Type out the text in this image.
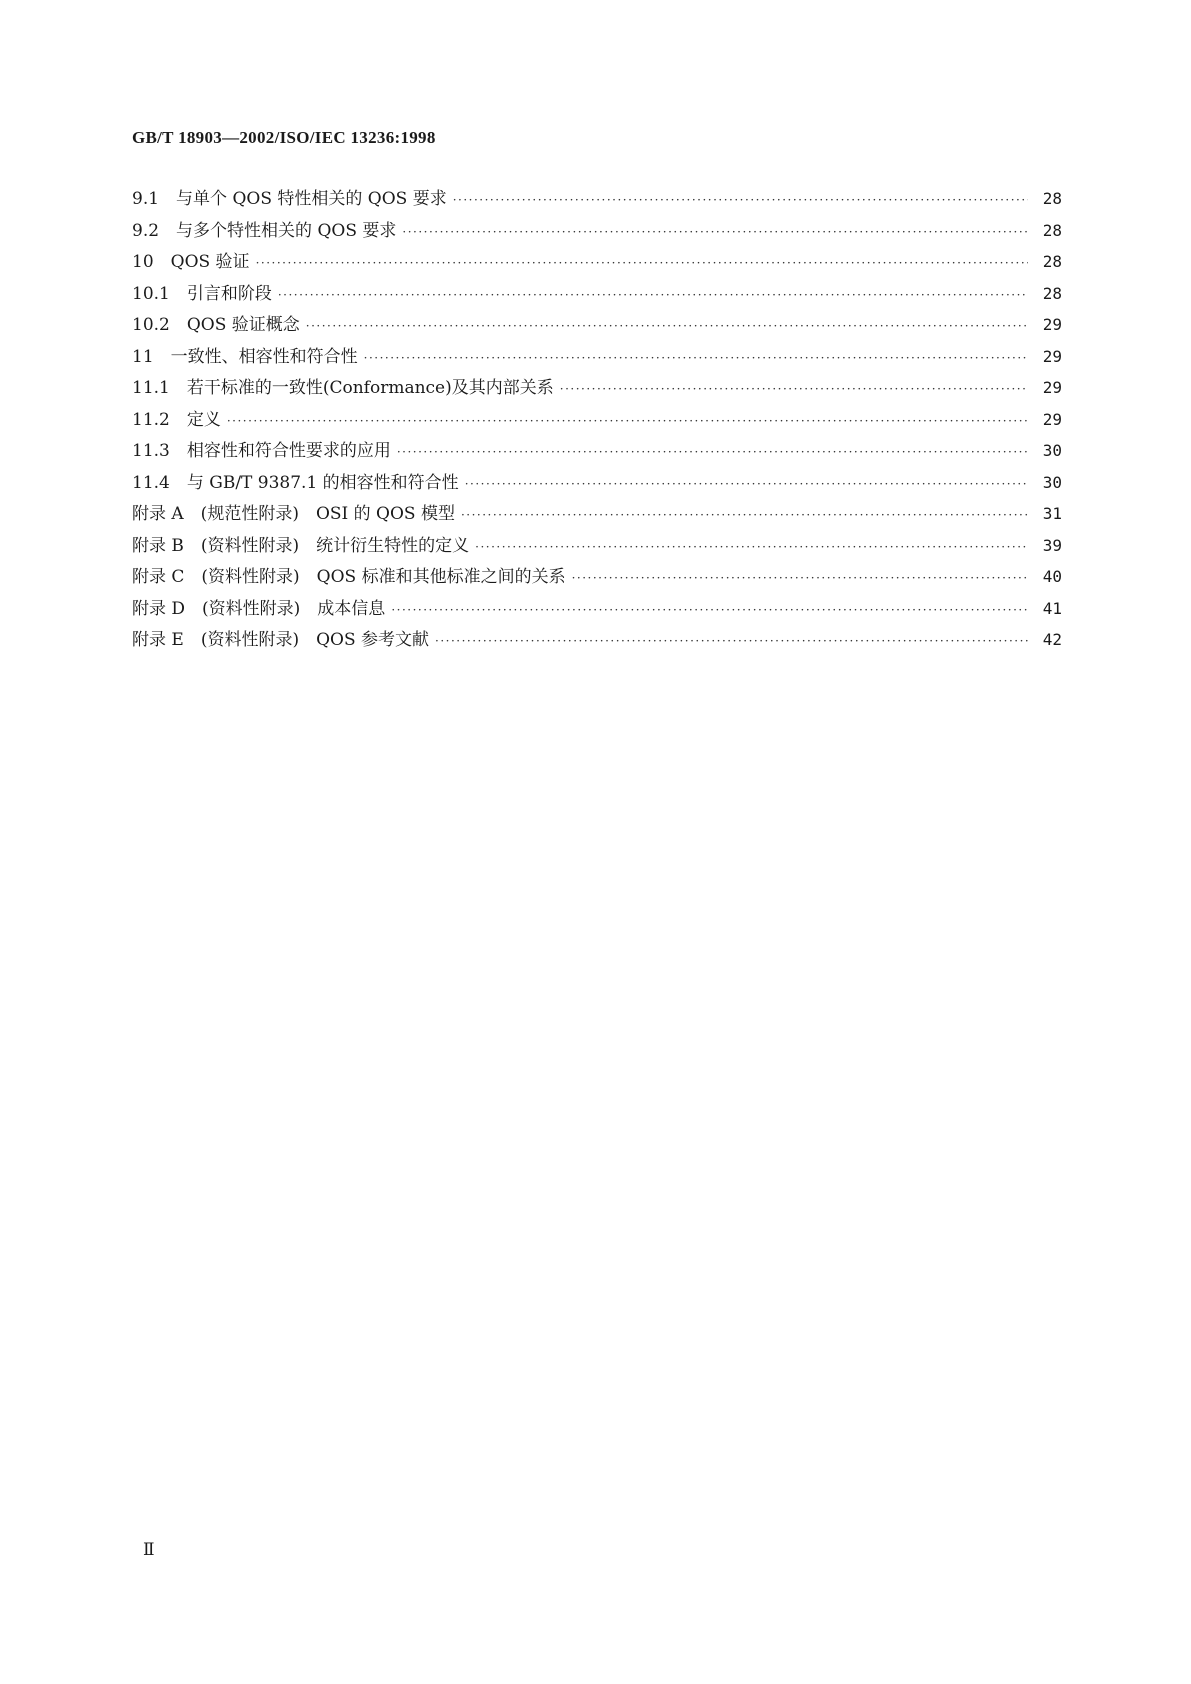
GB/T 18903—2002/ISO/IEC 13236:1998
9.1　与单个 QOS 特性相关的 QOS 要求 ·····	28
9.2　与多个特性相关的 QOS 要求 ·····	28
10　QOS 验证 ·····	28
10.1　引言和阶段 ·····	28
10.2　QOS 验证概念 ·····	29
11　一致性、相容性和符合性 ·····	29
11.1　若干标准的一致性(Conformance)及其内部关系 ·····	29
11.2　定义 ·····	29
11.3　相容性和符合性要求的应用 ·····	30
11.4　与 GB/T 9387.1 的相容性和符合性 ·····	30
附录 A　(规范性附录)　OSI 的 QOS 模型 ·····	31
附录 B　(资料性附录)　统计衍生特性的定义 ·····	39
附录 C　(资料性附录)　QOS 标准和其他标准之间的关系 ·····	40
附录 D　(资料性附录)　成本信息 ·····	41
附录 E　(资料性附录)　QOS 参考文献 ·····	42
Ⅱ
